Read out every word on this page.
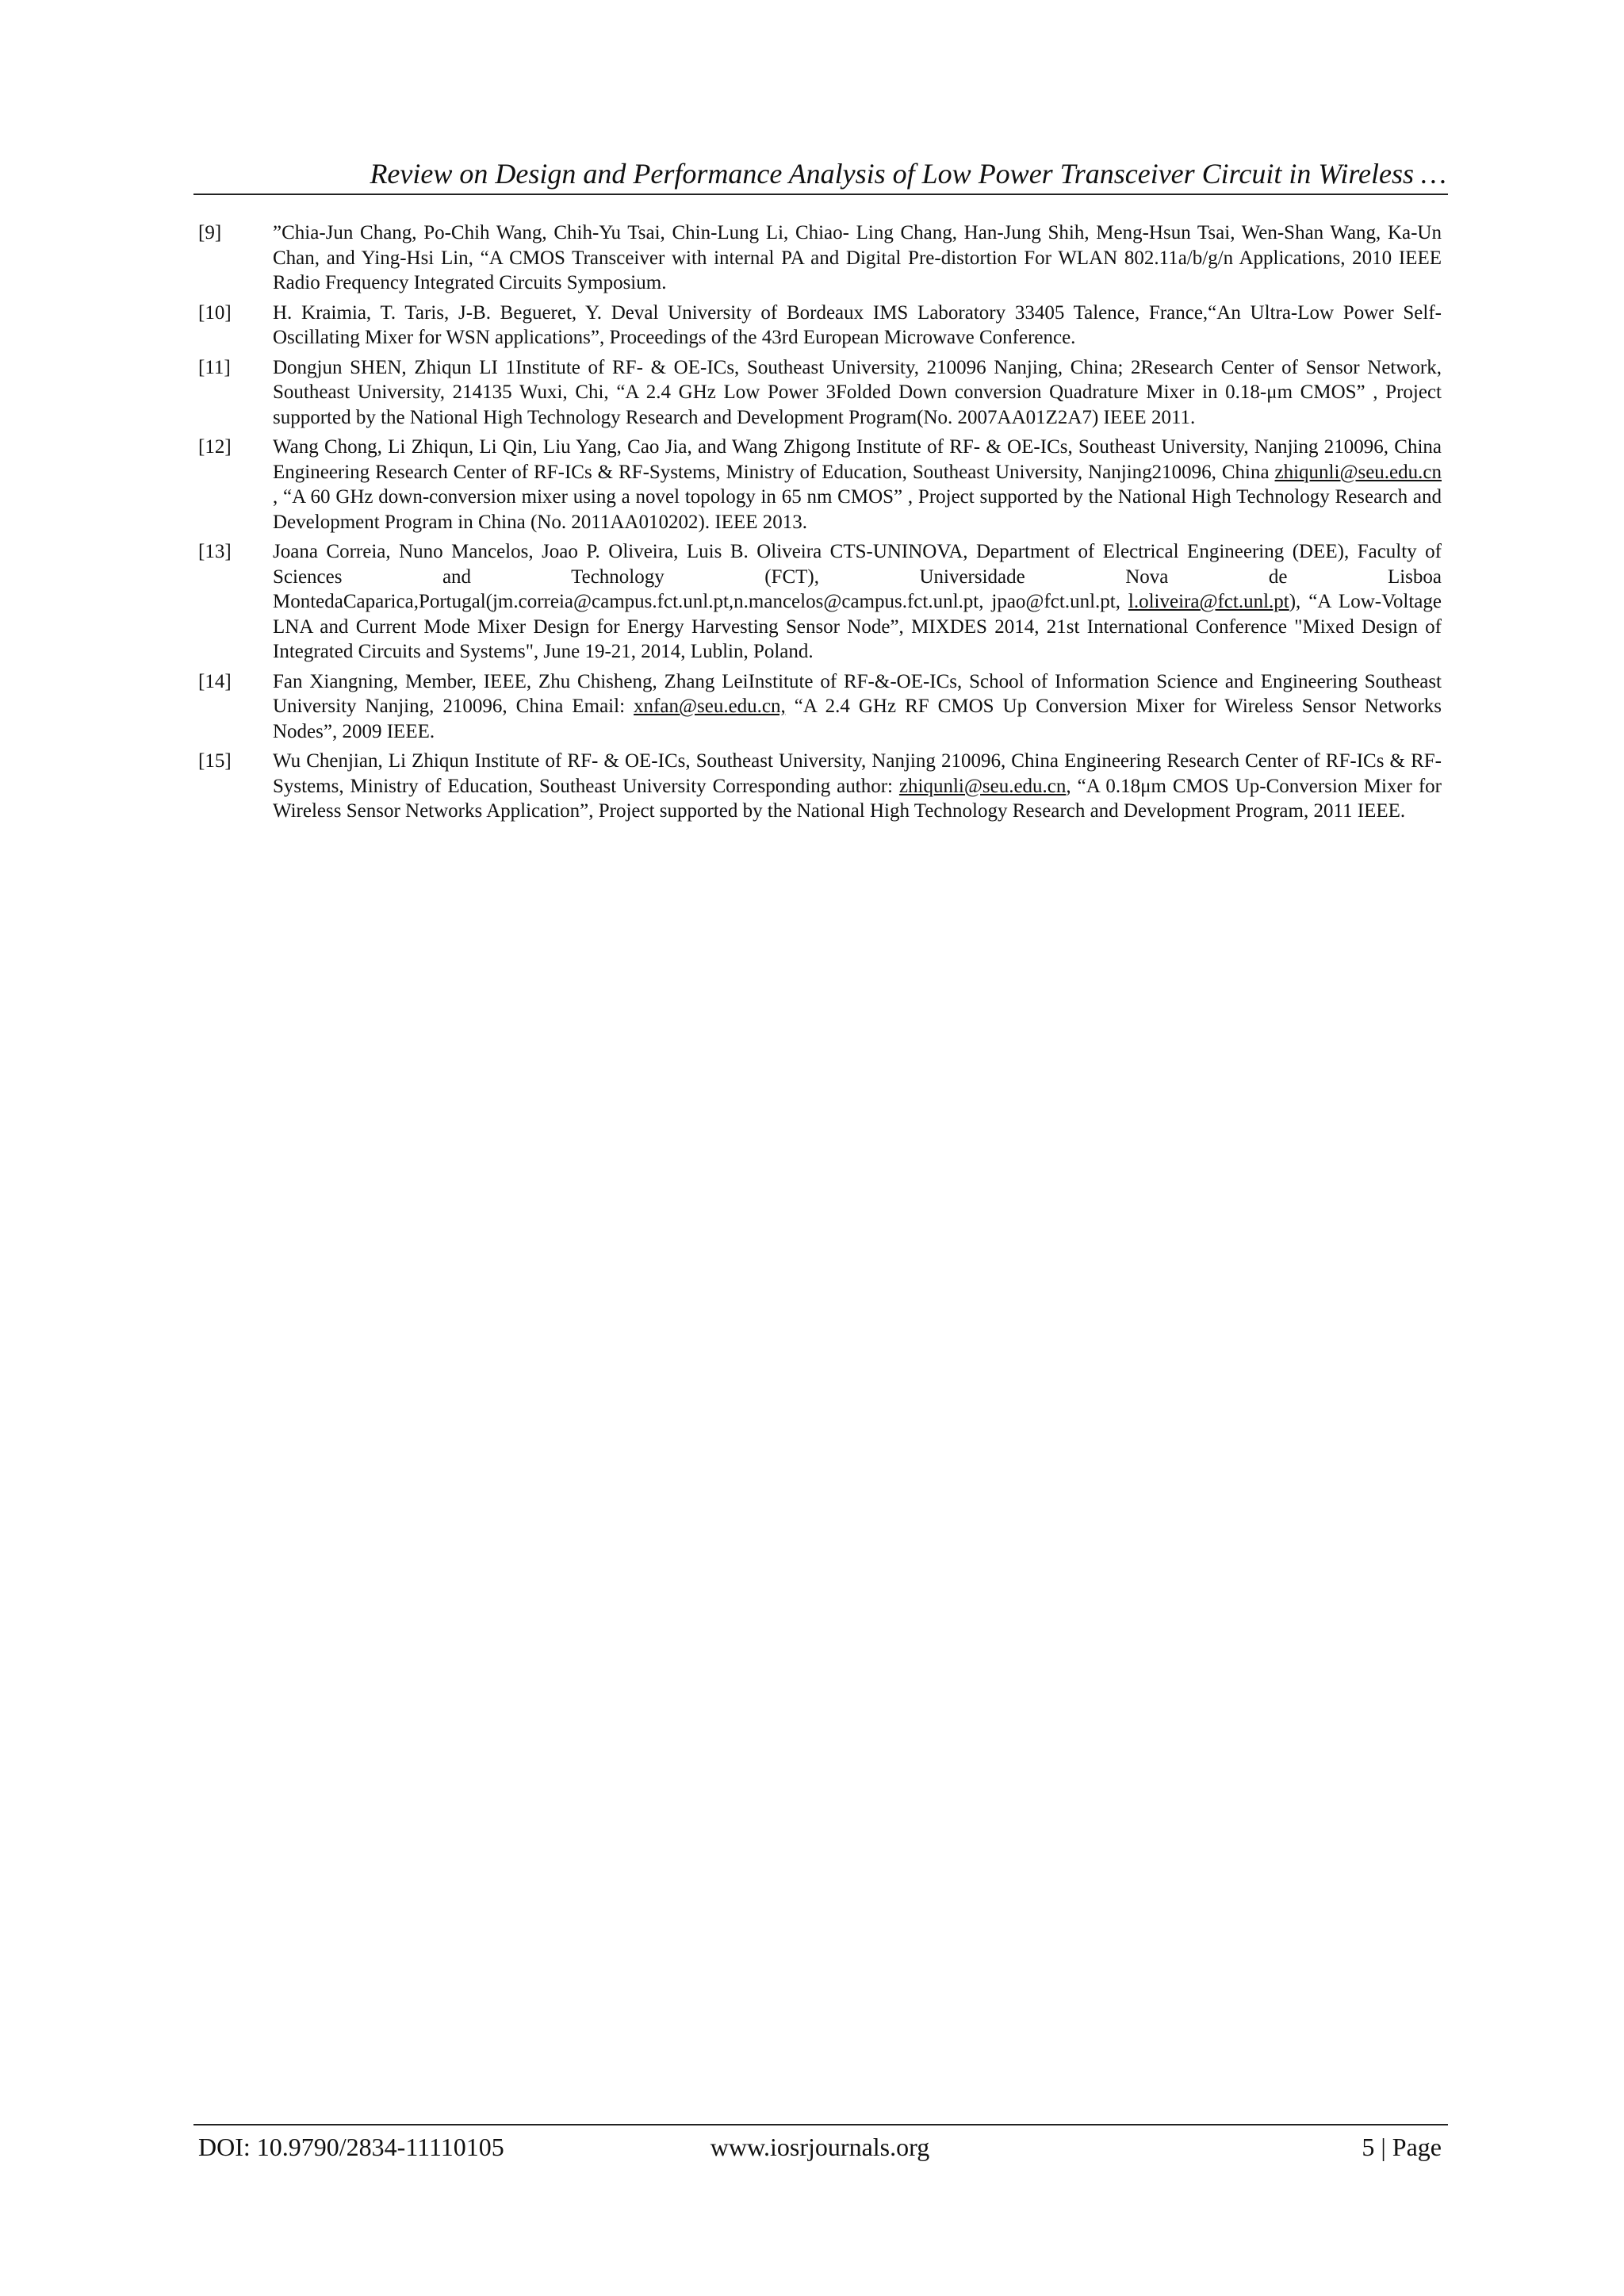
Review on Design and Performance Analysis of Low Power Transceiver Circuit in Wireless …
[9]	”Chia-Jun Chang, Po-Chih Wang, Chih-Yu Tsai, Chin-Lung Li, Chiao- Ling Chang, Han-Jung Shih, Meng-Hsun Tsai, Wen-Shan Wang, Ka-Un Chan, and Ying-Hsi Lin, “A CMOS Transceiver with internal PA and Digital Pre-distortion For WLAN 802.11a/b/g/n Applications, 2010 IEEE Radio Frequency Integrated Circuits Symposium.
[10]	H. Kraimia, T. Taris, J-B. Begueret, Y. Deval University of Bordeaux IMS Laboratory 33405 Talence, France,“An Ultra-Low Power Self-Oscillating Mixer for WSN applications”, Proceedings of the 43rd European Microwave Conference.
[11]	Dongjun SHEN, Zhiqun LI 1Institute of RF- & OE-ICs, Southeast University, 210096 Nanjing, China; 2Research Center of Sensor Network, Southeast University, 214135 Wuxi, Chi, “A 2.4 GHz Low Power 3Folded Down conversion Quadrature Mixer in 0.18-μm CMOS” , Project supported by the National High Technology Research and Development Program(No. 2007AA01Z2A7) IEEE 2011.
[12]	Wang Chong, Li Zhiqun, Li Qin, Liu Yang, Cao Jia, and Wang Zhigong Institute of RF- & OE-ICs, Southeast University, Nanjing 210096, China Engineering Research Center of RF-ICs & RF-Systems, Ministry of Education, Southeast University, Nanjing210096, China zhiqunli@seu.edu.cn , “A 60 GHz down-conversion mixer using a novel topology in 65 nm CMOS” , Project supported by the National High Technology Research and Development Program in China (No. 2011AA010202). IEEE 2013.
[13]	Joana Correia, Nuno Mancelos, Joao P. Oliveira, Luis B. Oliveira CTS-UNINOVA, Department of Electrical Engineering (DEE), Faculty of Sciences and Technology (FCT), Universidade Nova de Lisboa MontedaCaparica,Portugal(jm.correia@campus.fct.unl.pt,n.mancelos@campus.fct.unl.pt, jpao@fct.unl.pt, l.oliveira@fct.unl.pt), “A Low-Voltage LNA and Current Mode Mixer Design for Energy Harvesting Sensor Node”, MIXDES 2014, 21st International Conference "Mixed Design of Integrated Circuits and Systems", June 19-21, 2014, Lublin, Poland.
[14]	Fan Xiangning, Member, IEEE, Zhu Chisheng, Zhang LeiInstitute of RF-&-OE-ICs, School of Information Science and Engineering Southeast University Nanjing, 210096, China Email: xnfan@seu.edu.cn, “A 2.4 GHz RF CMOS Up Conversion Mixer for Wireless Sensor Networks Nodes”, 2009 IEEE.
[15]	Wu Chenjian, Li Zhiqun Institute of RF- & OE-ICs, Southeast University, Nanjing 210096, China Engineering Research Center of RF-ICs & RF-Systems, Ministry of Education, Southeast University Corresponding author: zhiqunli@seu.edu.cn, “A 0.18μm CMOS Up-Conversion Mixer for Wireless Sensor Networks Application”, Project supported by the National High Technology Research and Development Program, 2011 IEEE.
DOI: 10.9790/2834-11110105	www.iosrjournals.org	5 | Page
